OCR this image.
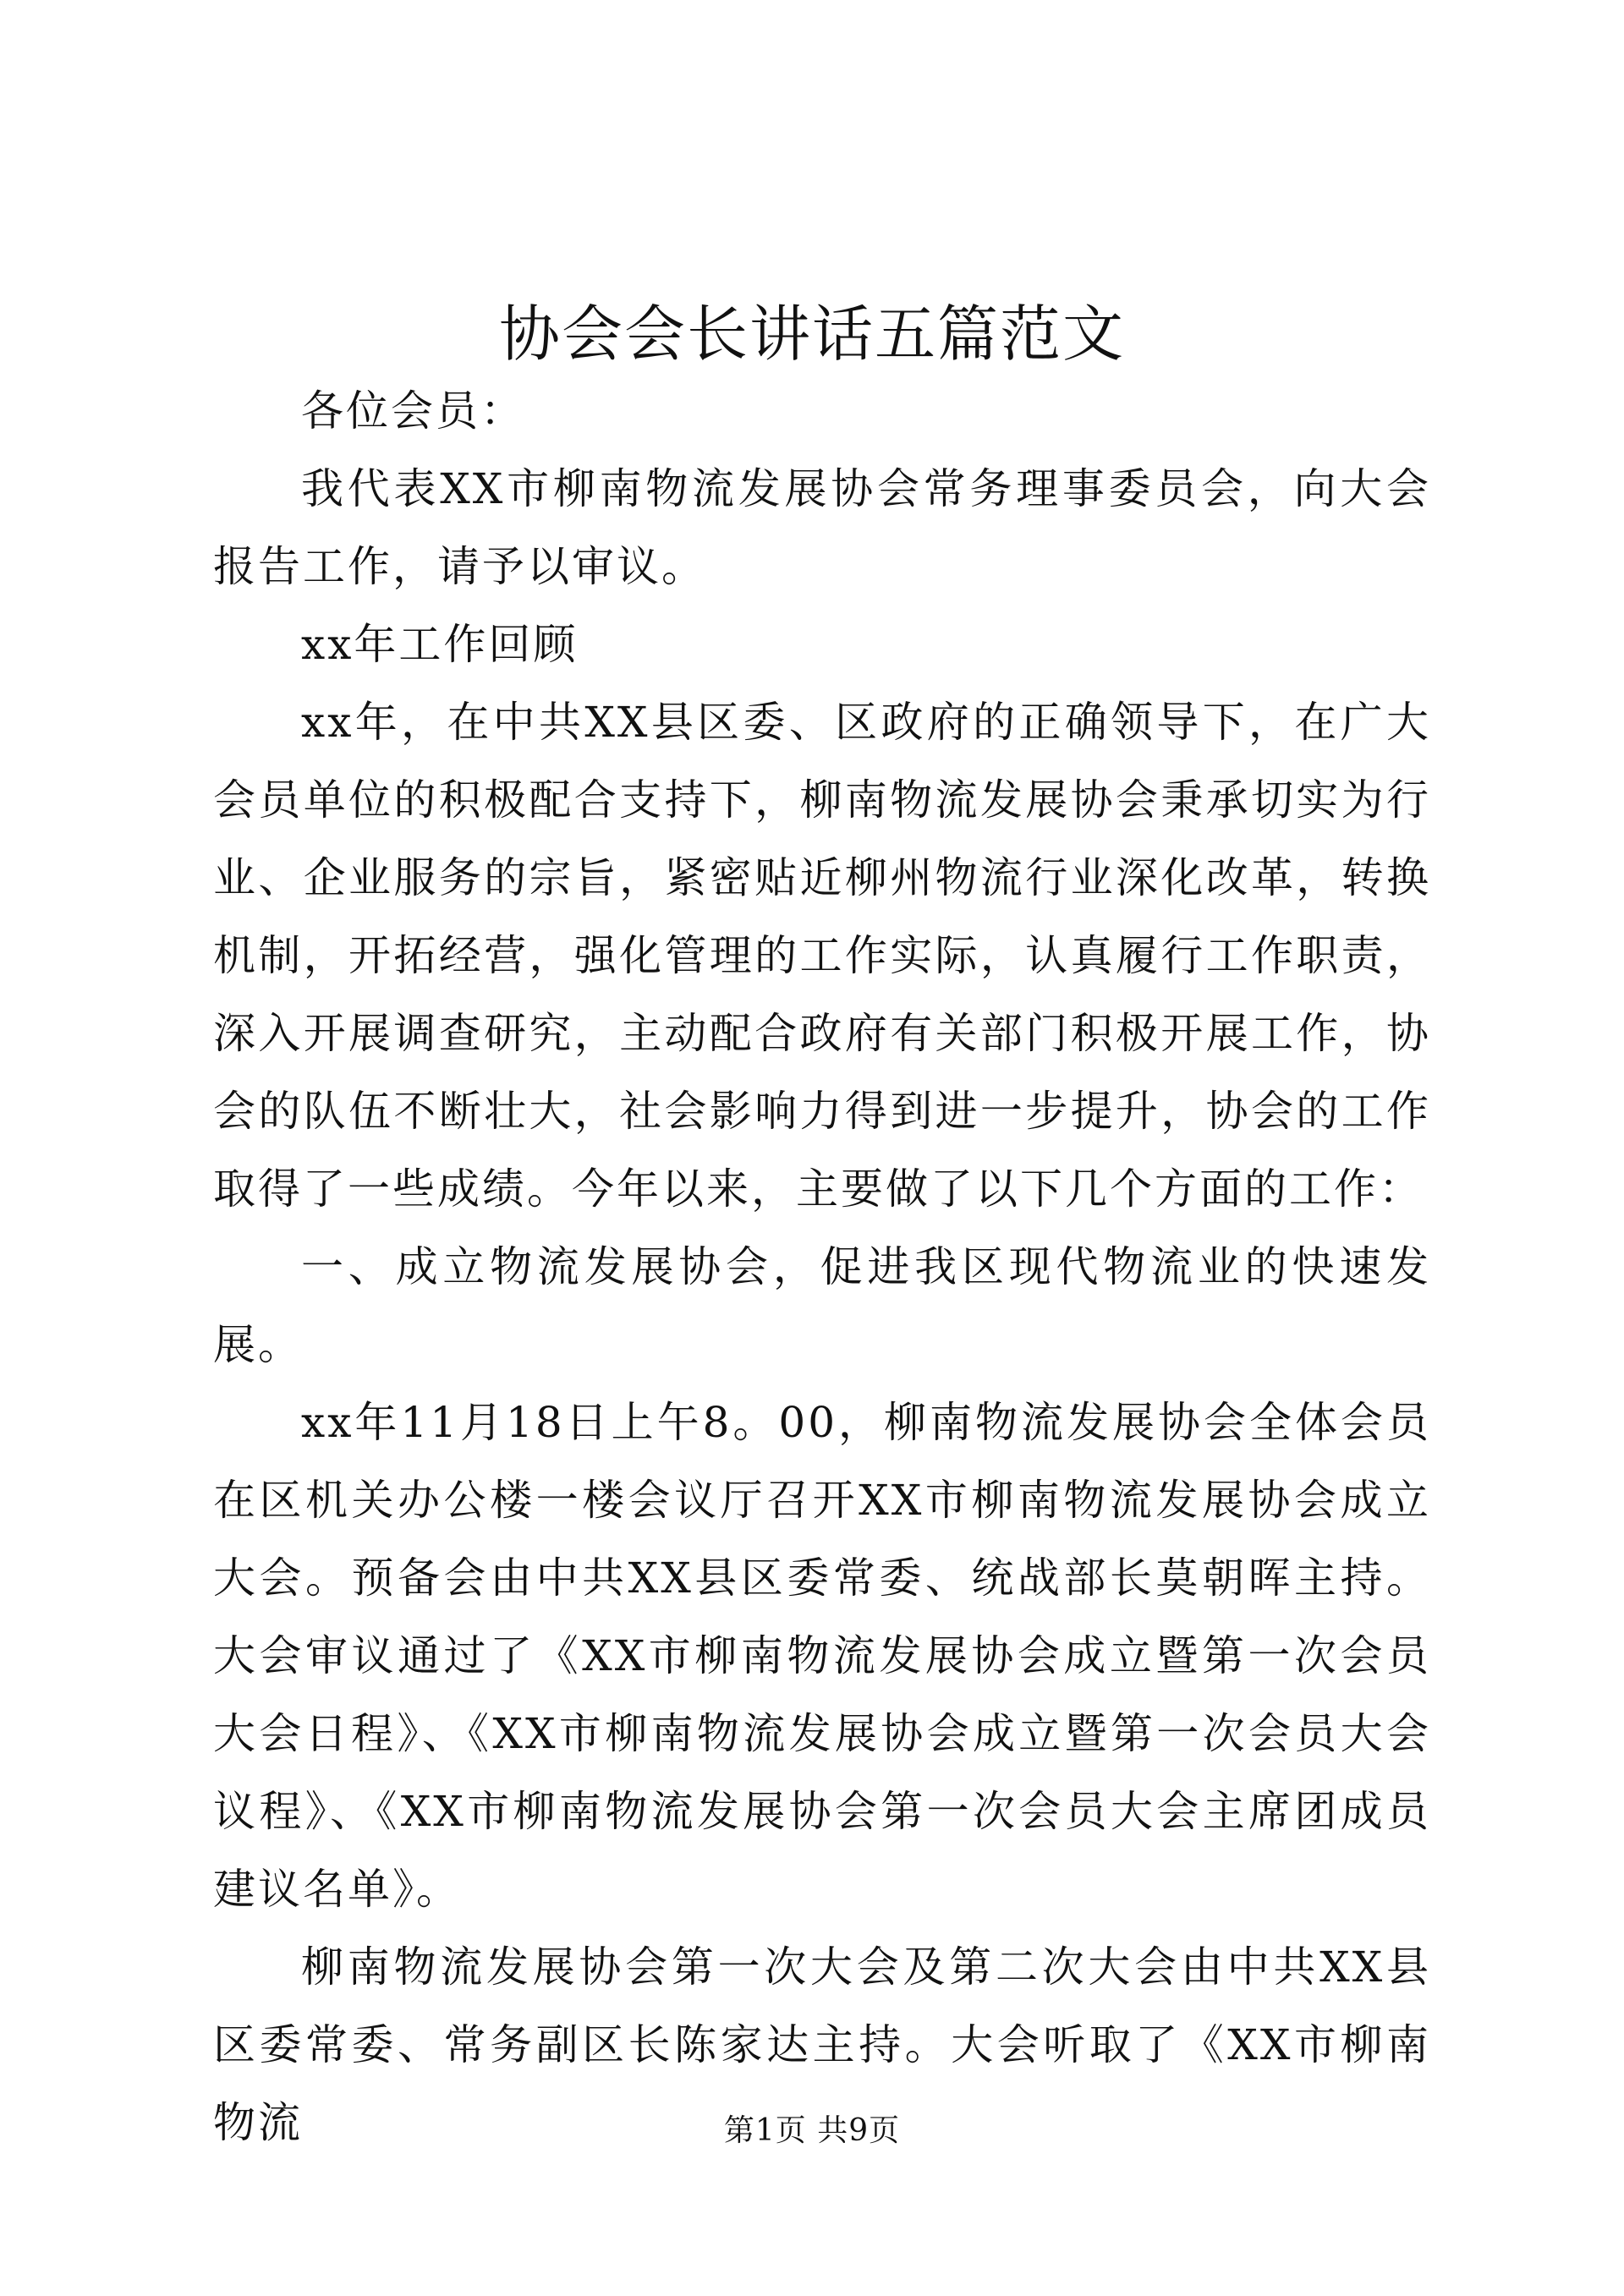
协会会长讲话五篇范文

各位会员：

我代表XX市柳南物流发展协会常务理事委员会，向大会报告工作，请予以审议。

xx年工作回顾

xx年，在中共XX县区委、区政府的正确领导下，在广大会员单位的积极配合支持下，柳南物流发展协会秉承切实为行业、企业服务的宗旨，紧密贴近柳州物流行业深化改革，转换机制，开拓经营，强化管理的工作实际，认真履行工作职责，深入开展调查研究，主动配合政府有关部门积极开展工作，协会的队伍不断壮大，社会影响力得到进一步提升，协会的工作取得了一些成绩。今年以来，主要做了以下几个方面的工作：

一、成立物流发展协会，促进我区现代物流业的快速发展。

xx年11月18日上午8。00，柳南物流发展协会全体会员在区机关办公楼一楼会议厅召开XX市柳南物流发展协会成立大会。预备会由中共XX县区委常委、统战部长莫朝晖主持。大会审议通过了《XX市柳南物流发展协会成立暨第一次会员大会日程》、《XX市柳南物流发展协会成立暨第一次会员大会议程》、《XX市柳南物流发展协会第一次会员大会主席团成员建议名单》。

柳南物流发展协会第一次大会及第二次大会由中共XX县区委常委、常务副区长陈家达主持。大会听取了《XX市柳南物流	第1页 共9页
